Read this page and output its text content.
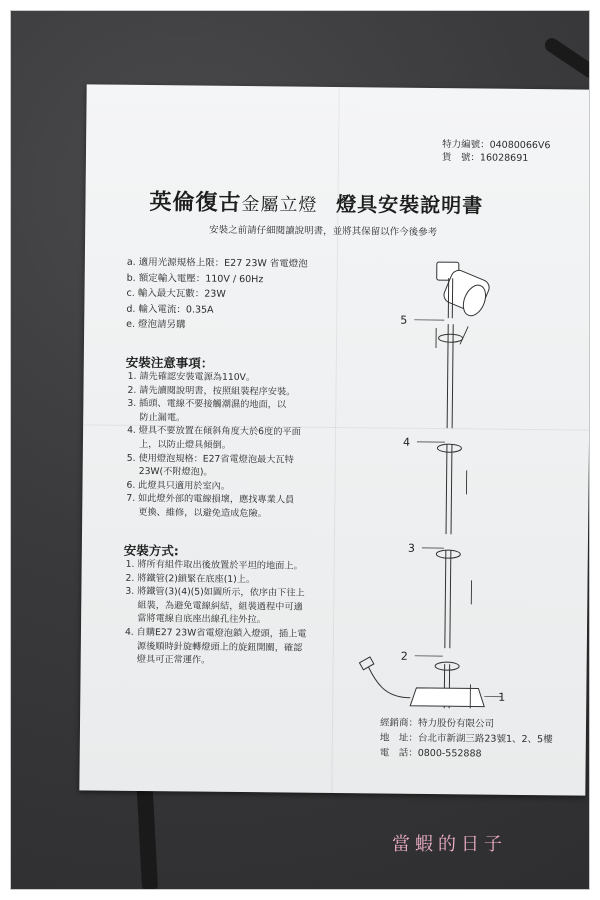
特力編號：04080066V6
貨　號：16028691
英倫復古金屬立燈 燈具安裝說明書
安裝之前請仔細閱讀說明書，並將其保留以作今後參考
a. 適用光源規格上限：E27 23W 省電燈泡
b. 額定輸入電壓：110V / 60Hz
c. 輸入最大瓦數：23W
d. 輸入電流：0.35A
e. 燈泡請另購
安裝注意事項：
1. 請先確認安裝電源為110V。
2. 請先讀閱說明書，按照組裝程序安裝。
3. 插頭、電線不要接觸潮濕的地面，以
　 防止漏電。
4. 燈具不要放置在傾斜角度大於6度的平面
　 上，以防止燈具傾倒。
5. 使用燈泡規格：E27省電燈泡最大瓦特
　 23W(不附燈泡)。
6. 此燈具只適用於室內。
7. 如此燈外部的電線損壞，應找專業人員
　 更換、維修，以避免造成危險。
安裝方式:
1. 將所有組件取出後放置於平坦的地面上。
2. 將鐵管(2)鎖緊在底座(1)上。
3. 將鐵管(3)(4)(5)如圖所示，依序由下往上
　 組裝，為避免電線糾結，組裝過程中可適
　 當將電線自底座出線孔往外拉。
4. 自購E27 23W省電燈泡鎖入燈頭，插上電
　 源後順時針旋轉燈頭上的旋鈕開關，確認
　 燈具可正常運作。
5
4
3
2
1
經銷商：特力股份有限公司
地　址：台北市新湖三路23號1、2、5樓
電　話：0800-552888
當蝦的日子
